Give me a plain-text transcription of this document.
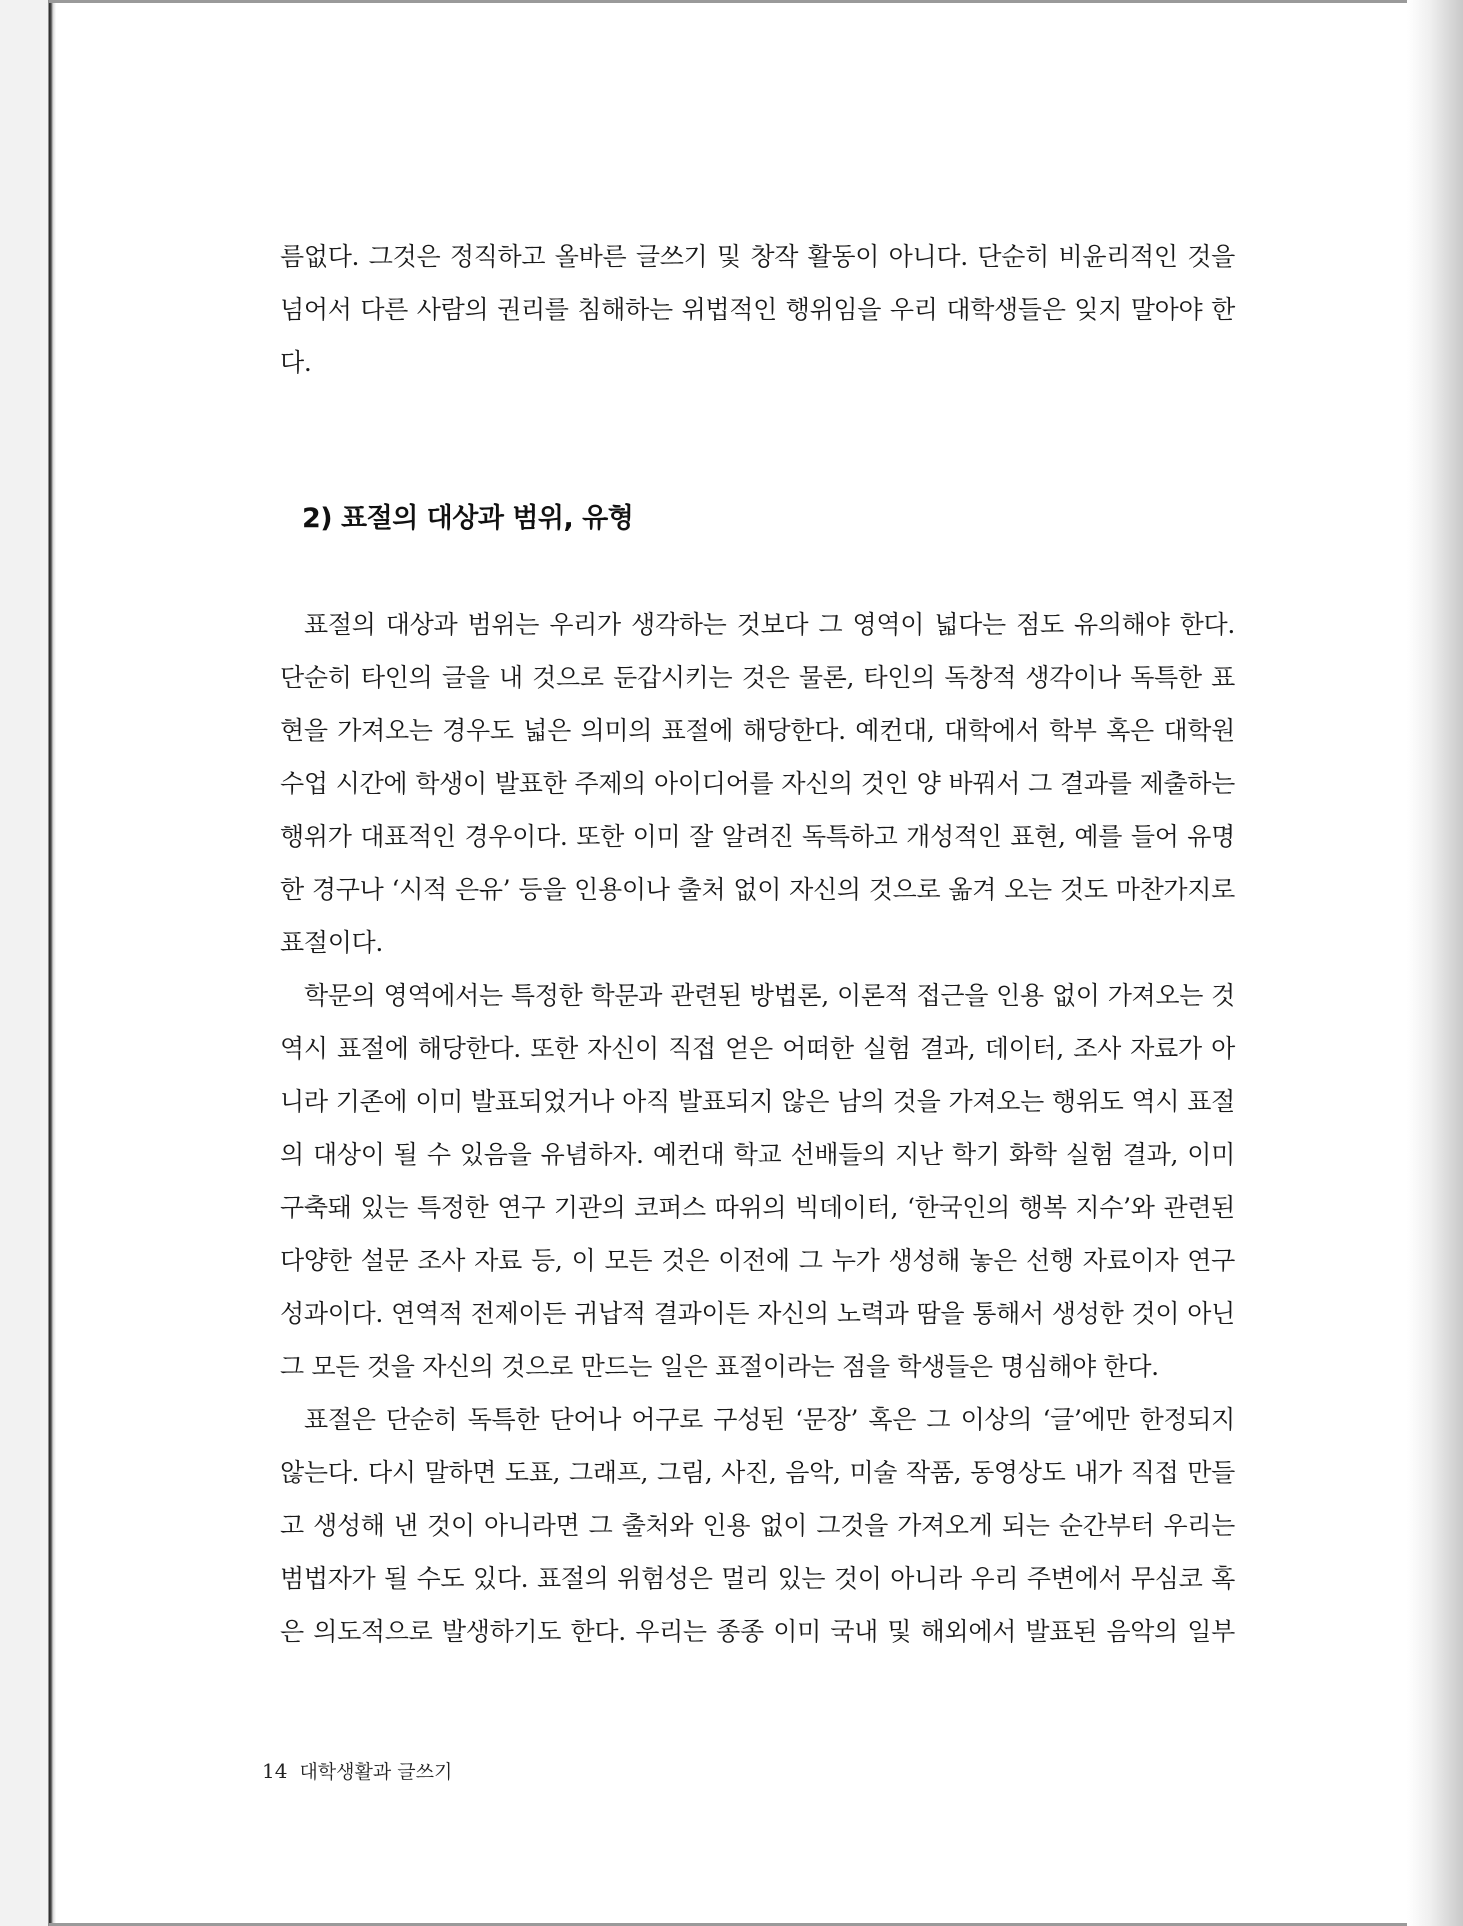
름없다. 그것은 정직하고 올바른 글쓰기 및 창작 활동이 아니다. 단순히 비윤리적인 것을
넘어서 다른 사람의 권리를 침해하는 위법적인 행위임을 우리 대학생들은 잊지 말아야 한
다.
2) 표절의 대상과 범위, 유형
표절의 대상과 범위는 우리가 생각하는 것보다 그 영역이 넓다는 점도 유의해야 한다.
단순히 타인의 글을 내 것으로 둔갑시키는 것은 물론, 타인의 독창적 생각이나 독특한 표
현을 가져오는 경우도 넓은 의미의 표절에 해당한다. 예컨대, 대학에서 학부 혹은 대학원
수업 시간에 학생이 발표한 주제의 아이디어를 자신의 것인 양 바꿔서 그 결과를 제출하는
행위가 대표적인 경우이다. 또한 이미 잘 알려진 독특하고 개성적인 표현, 예를 들어 유명
한 경구나 ‘시적 은유’ 등을 인용이나 출처 없이 자신의 것으로 옮겨 오는 것도 마찬가지로
표절이다.
학문의 영역에서는 특정한 학문과 관련된 방법론, 이론적 접근을 인용 없이 가져오는 것
역시 표절에 해당한다. 또한 자신이 직접 얻은 어떠한 실험 결과, 데이터, 조사 자료가 아
니라 기존에 이미 발표되었거나 아직 발표되지 않은 남의 것을 가져오는 행위도 역시 표절
의 대상이 될 수 있음을 유념하자. 예컨대 학교 선배들의 지난 학기 화학 실험 결과, 이미
구축돼 있는 특정한 연구 기관의 코퍼스 따위의 빅데이터, ‘한국인의 행복 지수’와 관련된
다양한 설문 조사 자료 등, 이 모든 것은 이전에 그 누가 생성해 놓은 선행 자료이자 연구
성과이다. 연역적 전제이든 귀납적 결과이든 자신의 노력과 땀을 통해서 생성한 것이 아닌
그 모든 것을 자신의 것으로 만드는 일은 표절이라는 점을 학생들은 명심해야 한다.
표절은 단순히 독특한 단어나 어구로 구성된 ‘문장’ 혹은 그 이상의 ‘글’에만 한정되지
않는다. 다시 말하면 도표, 그래프, 그림, 사진, 음악, 미술 작품, 동영상도 내가 직접 만들
고 생성해 낸 것이 아니라면 그 출처와 인용 없이 그것을 가져오게 되는 순간부터 우리는
범법자가 될 수도 있다. 표절의 위험성은 멀리 있는 것이 아니라 우리 주변에서 무심코 혹
은 의도적으로 발생하기도 한다. 우리는 종종 이미 국내 및 해외에서 발표된 음악의 일부
14 대학생활과 글쓰기
